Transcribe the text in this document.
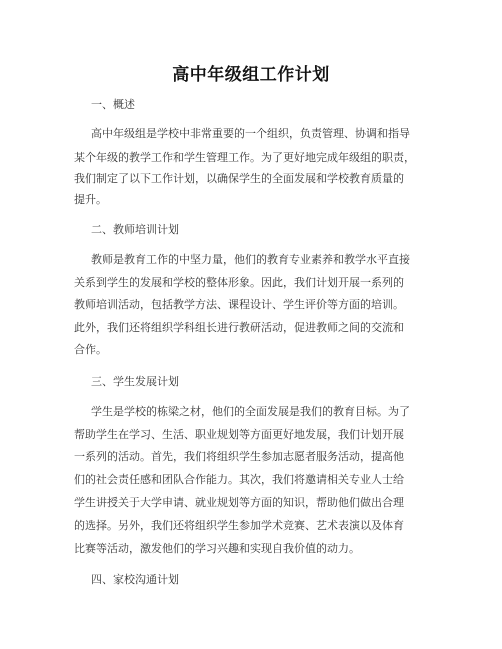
高中年级组工作计划
一、概述
高中年级组是学校中非常重要的一个组织，负责管理、协调和指导
某个年级的教学工作和学生管理工作。为了更好地完成年级组的职责，
我们制定了以下工作计划，以确保学生的全面发展和学校教育质量的
提升。
二、教师培训计划
教师是教育工作的中坚力量，他们的教育专业素养和教学水平直接
关系到学生的发展和学校的整体形象。因此，我们计划开展一系列的
教师培训活动，包括教学方法、课程设计、学生评价等方面的培训。
此外，我们还将组织学科组长进行教研活动，促进教师之间的交流和
合作。
三、学生发展计划
学生是学校的栋梁之材，他们的全面发展是我们的教育目标。为了
帮助学生在学习、生活、职业规划等方面更好地发展，我们计划开展
一系列的活动。首先，我们将组织学生参加志愿者服务活动，提高他
们的社会责任感和团队合作能力。其次，我们将邀请相关专业人士给
学生讲授关于大学申请、就业规划等方面的知识，帮助他们做出合理
的选择。另外，我们还将组织学生参加学术竞赛、艺术表演以及体育
比赛等活动，激发他们的学习兴趣和实现自我价值的动力。
四、家校沟通计划
